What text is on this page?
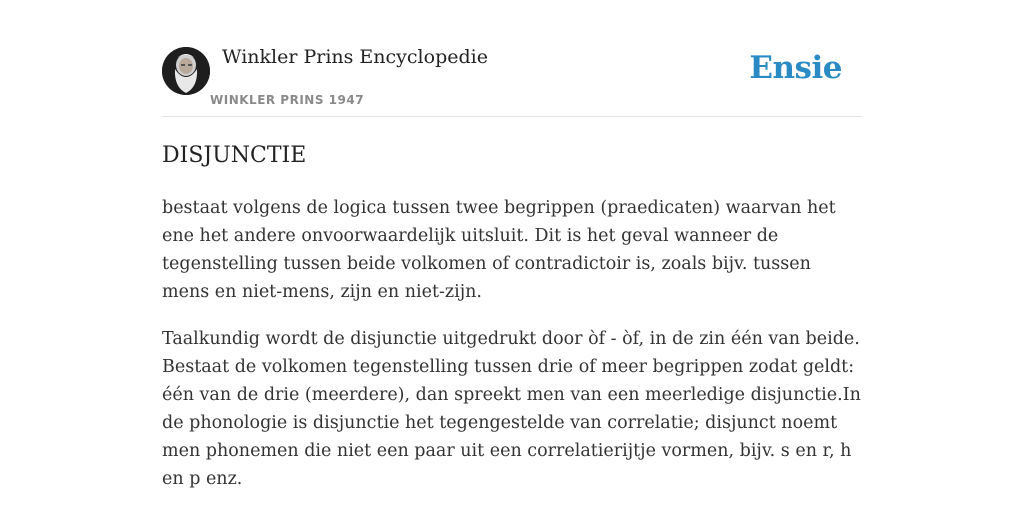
Winkler Prins Encyclopedie
WINKLER PRINS 1947
Ensie
DISJUNCTIE

bestaat volgens de logica tussen twee begrippen (praedicaten) waarvan het ene het andere onvoorwaardelijk uitsluit. Dit is het geval wanneer de tegenstelling tussen beide volkomen of contradictoir is, zoals bijv. tussen mens en niet-mens, zijn en niet-zijn.

Taalkundig wordt de disjunctie uitgedrukt door òf - òf, in de zin één van beide. Bestaat de volkomen tegenstelling tussen drie of meer begrippen zodat geldt: één van de drie (meerdere), dan spreekt men van een meerledige disjunctie.In de phonologie is disjunctie het tegengestelde van correlatie; disjunct noemt men phonemen die niet een paar uit een correlatierijtje vormen, bijv. s en r, h en p enz.
